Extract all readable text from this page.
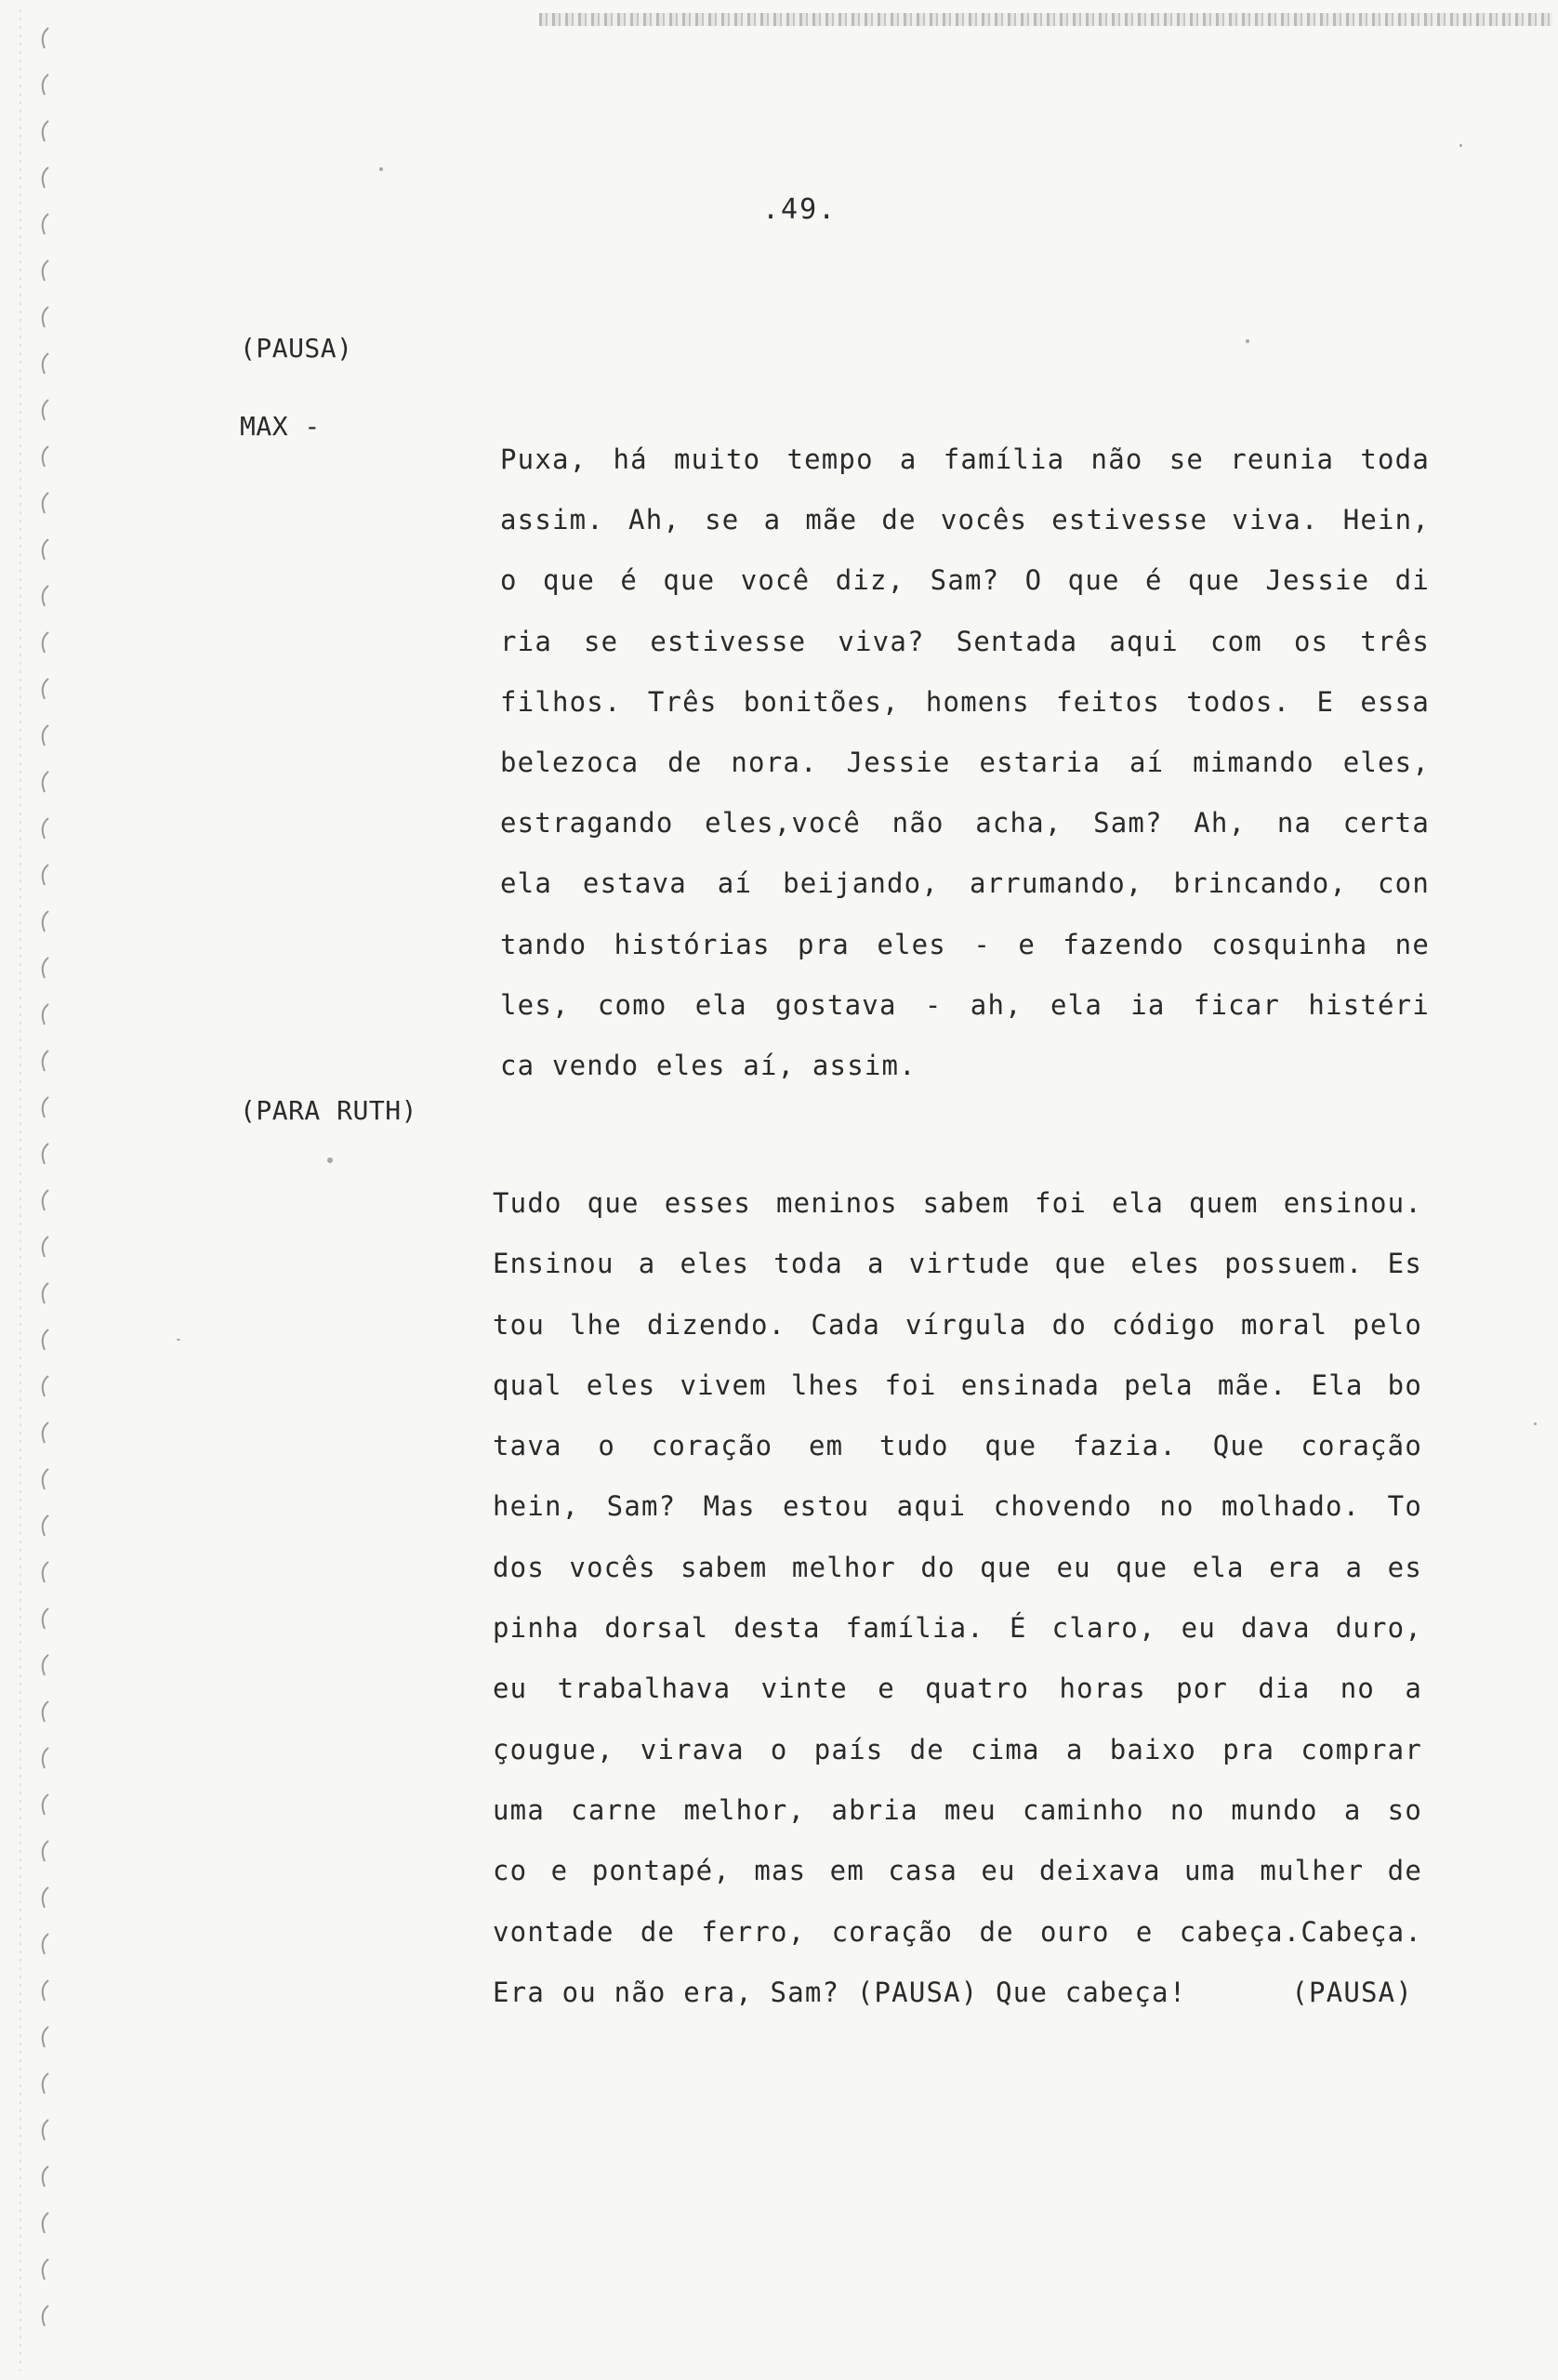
.49.
(PAUSA)
MAX -
(PARA RUTH)
Puxa, há muito tempo a família não se reunia toda
assim. Ah, se a mãe de vocês estivesse viva. Hein,
o que é que você diz, Sam? O que é que Jessie di
ria se estivesse viva? Sentada aqui com os três
filhos. Três bonitões, homens feitos todos. E essa
belezoca de nora. Jessie estaria aí mimando eles,
estragando eles,você não acha, Sam? Ah, na certa
ela estava aí beijando, arrumando, brincando, con
tando histórias pra eles - e fazendo cosquinha ne
les, como ela gostava - ah, ela ia ficar histéri
ca vendo eles aí, assim.
Tudo que esses meninos sabem foi ela quem ensinou.
Ensinou a eles toda a virtude que eles possuem. Es
tou lhe dizendo. Cada vírgula do código moral pelo
qual eles vivem lhes foi ensinada pela mãe. Ela bo
tava o coração em tudo que fazia. Que coração
hein, Sam? Mas estou aqui chovendo no molhado. To
dos vocês sabem melhor do que eu que ela era a es
pinha dorsal desta família. É claro, eu dava duro,
eu trabalhava vinte e quatro horas por dia no a
çougue, virava o país de cima a baixo pra comprar
uma carne melhor, abria meu caminho no mundo a so
co e pontapé, mas em casa eu deixava uma mulher de
vontade de ferro, coração de ouro e cabeça.Cabeça.
Era ou não era, Sam? (PAUSA) Que cabeça!	(PAUSA)
